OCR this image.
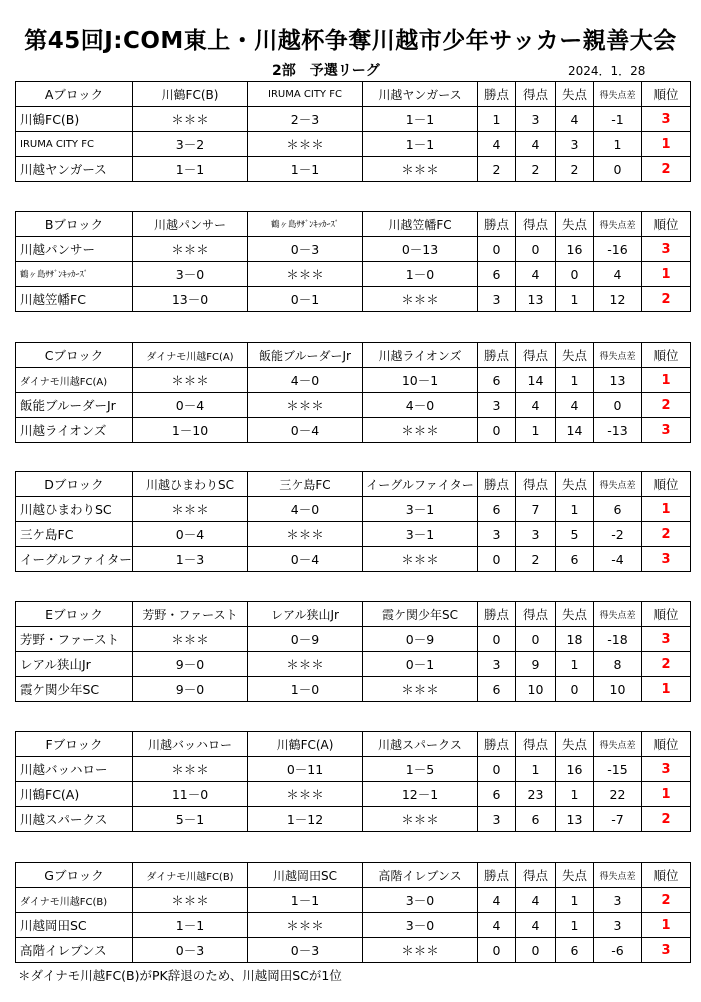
第45回J:COM東上・川越杯争奪川越市少年サッカー親善大会
2部　予選リーグ	2024．1．28
Aブロック	川鶴FC(B)	IRUMA CITY FC	川越ヤンガース	勝点	得点	失点	得失点差	順位
川鶴FC(B)	＊＊＊	2－3	1－1	1	3	4	-1	3
IRUMA CITY FC	3－2	＊＊＊	1－1	4	4	3	1	1
川越ヤンガース	1－1	1－1	＊＊＊	2	2	2	0	2
Bブロック	川越パンサー	鶴ヶ島ｻｻﾞﾝｷｯｶｰｽﾞ	川越笠幡FC	勝点	得点	失点	得失点差	順位
川越パンサー	＊＊＊	0－3	0－13	0	0	16	-16	3
鶴ヶ島ｻｻﾞﾝｷｯｶｰｽﾞ	3－0	＊＊＊	1－0	6	4	0	4	1
川越笠幡FC	13－0	0－1	＊＊＊	3	13	1	12	2
Cブロック	ダイナモ川越FC(A)	飯能ブルーダーJr	川越ライオンズ	勝点	得点	失点	得失点差	順位
ダイナモ川越FC(A)	＊＊＊	4－0	10－1	6	14	1	13	1
飯能ブルーダーJr	0－4	＊＊＊	4－0	3	4	4	0	2
川越ライオンズ	1－10	0－4	＊＊＊	0	1	14	-13	3
Dブロック	川越ひまわりSC	三ケ島FC	イーグルファイター	勝点	得点	失点	得失点差	順位
川越ひまわりSC	＊＊＊	4－0	3－1	6	7	1	6	1
三ケ島FC	0－4	＊＊＊	3－1	3	3	5	-2	2
イーグルファイター	1－3	0－4	＊＊＊	0	2	6	-4	3
Eブロック	芳野・ファースト	レアル狭山Jr	霞ケ関少年SC	勝点	得点	失点	得失点差	順位
芳野・ファースト	＊＊＊	0－9	0－9	0	0	18	-18	3
レアル狭山Jr	9－0	＊＊＊	0－1	3	9	1	8	2
霞ケ関少年SC	9－0	1－0	＊＊＊	6	10	0	10	1
Fブロック	川越バッハロー	川鶴FC(A)	川越スパークス	勝点	得点	失点	得失点差	順位
川越バッハロー	＊＊＊	0－11	1－5	0	1	16	-15	3
川鶴FC(A)	11－0	＊＊＊	12－1	6	23	1	22	1
川越スパークス	5－1	1－12	＊＊＊	3	6	13	-7	2
Gブロック	ダイナモ川越FC(B)	川越岡田SC	高階イレブンス	勝点	得点	失点	得失点差	順位
ダイナモ川越FC(B)	＊＊＊	1－1	3－0	4	4	1	3	2
川越岡田SC	1－1	＊＊＊	3－0	4	4	1	3	1
高階イレブンス	0－3	0－3	＊＊＊	0	0	6	-6	3
＊ダイナモ川越FC(B)がPK辞退のため、川越岡田SCが1位
